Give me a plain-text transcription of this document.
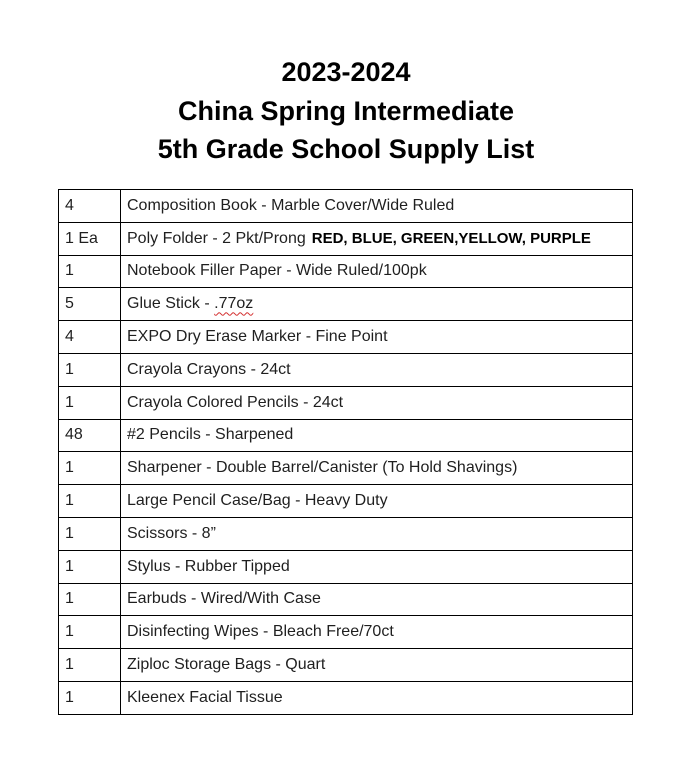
2023-2024
China Spring Intermediate
5th Grade School Supply List
4	Composition Book - Marble Cover/Wide Ruled
1 Ea	Poly Folder - 2 Pkt/Prong RED, BLUE, GREEN,YELLOW, PURPLE
1	Notebook Filler Paper - Wide Ruled/100pk
5	Glue Stick - .77oz
4	EXPO Dry Erase Marker - Fine Point
1	Crayola Crayons - 24ct
1	Crayola Colored Pencils - 24ct
48	#2 Pencils - Sharpened
1	Sharpener - Double Barrel/Canister (To Hold Shavings)
1	Large Pencil Case/Bag - Heavy Duty
1	Scissors - 8”
1	Stylus - Rubber Tipped
1	Earbuds - Wired/With Case
1	Disinfecting Wipes - Bleach Free/70ct
1	Ziploc Storage Bags - Quart
1	Kleenex Facial Tissue
